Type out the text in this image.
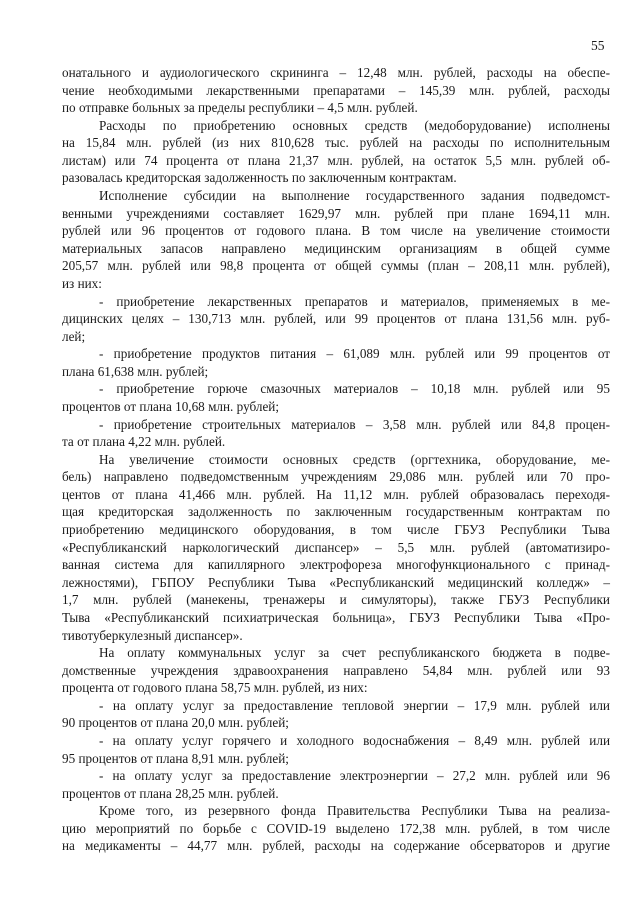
55
онатального и аудиологического скрининга – 12,48 млн. рублей, расходы на обеспе-
чение необходимыми лекарственными препаратами – 145,39 млн. рублей, расходы
по отправке больных за пределы республики – 4,5 млн. рублей.
Расходы по приобретению основных средств (медоборудование) исполнены
на 15,84 млн. рублей (из них 810,628 тыс. рублей на расходы по исполнительным
листам) или 74 процента от плана 21,37 млн. рублей, на остаток 5,5 млн. рублей об-
разовалась кредиторская задолженность по заключенным контрактам.
Исполнение субсидии на выполнение государственного задания подведомст-
венными учреждениями составляет 1629,97 млн. рублей при плане 1694,11 млн.
рублей или 96 процентов от годового плана. В том числе на увеличение стоимости
материальных запасов направлено медицинским организациям в общей сумме
205,57 млн. рублей или 98,8 процента от общей суммы (план – 208,11 млн. рублей),
из них:
- приобретение лекарственных препаратов и материалов, применяемых в ме-
дицинских целях – 130,713 млн. рублей, или 99 процентов от плана 131,56 млн. руб-
лей;
- приобретение продуктов питания – 61,089 млн. рублей или 99 процентов от
плана 61,638 млн. рублей;
- приобретение горюче смазочных материалов – 10,18 млн. рублей или 95
процентов от плана 10,68 млн. рублей;
- приобретение строительных материалов – 3,58 млн. рублей или 84,8 процен-
та от плана 4,22 млн. рублей.
На увеличение стоимости основных средств (оргтехника, оборудование, ме-
бель) направлено подведомственным учреждениям 29,086 млн. рублей или 70 про-
центов от плана 41,466 млн. рублей. На 11,12 млн. рублей образовалась переходя-
щая кредиторская задолженность по заключенным государственным контрактам по
приобретению медицинского оборудования, в том числе ГБУЗ Республики Тыва
«Республиканский наркологический диспансер» – 5,5 млн. рублей (автоматизиро-
ванная система для капиллярного электрофореза многофункционального с принад-
лежностями), ГБПОУ Республики Тыва «Республиканский медицинский колледж» –
1,7 млн. рублей (манекены, тренажеры и симуляторы), также ГБУЗ Республики
Тыва «Республиканский психиатрическая больница», ГБУЗ Республики Тыва «Про-
тивотуберкулезный диспансер».
На оплату коммунальных услуг за счет республиканского бюджета в подве-
домственные учреждения здравоохранения направлено 54,84 млн. рублей или 93
процента от годового плана 58,75 млн. рублей, из них:
- на оплату услуг за предоставление тепловой энергии – 17,9 млн. рублей или
90 процентов от плана 20,0 млн. рублей;
- на оплату услуг горячего и холодного водоснабжения – 8,49 млн. рублей или
95 процентов от плана 8,91 млн. рублей;
- на оплату услуг за предоставление электроэнергии – 27,2 млн. рублей или 96
процентов от плана 28,25 млн. рублей.
Кроме того, из резервного фонда Правительства Республики Тыва на реализа-
цию мероприятий по борьбе с COVID-19 выделено 172,38 млн. рублей, в том числе
на медикаменты – 44,77 млн. рублей, расходы на содержание обсерваторов и другие
